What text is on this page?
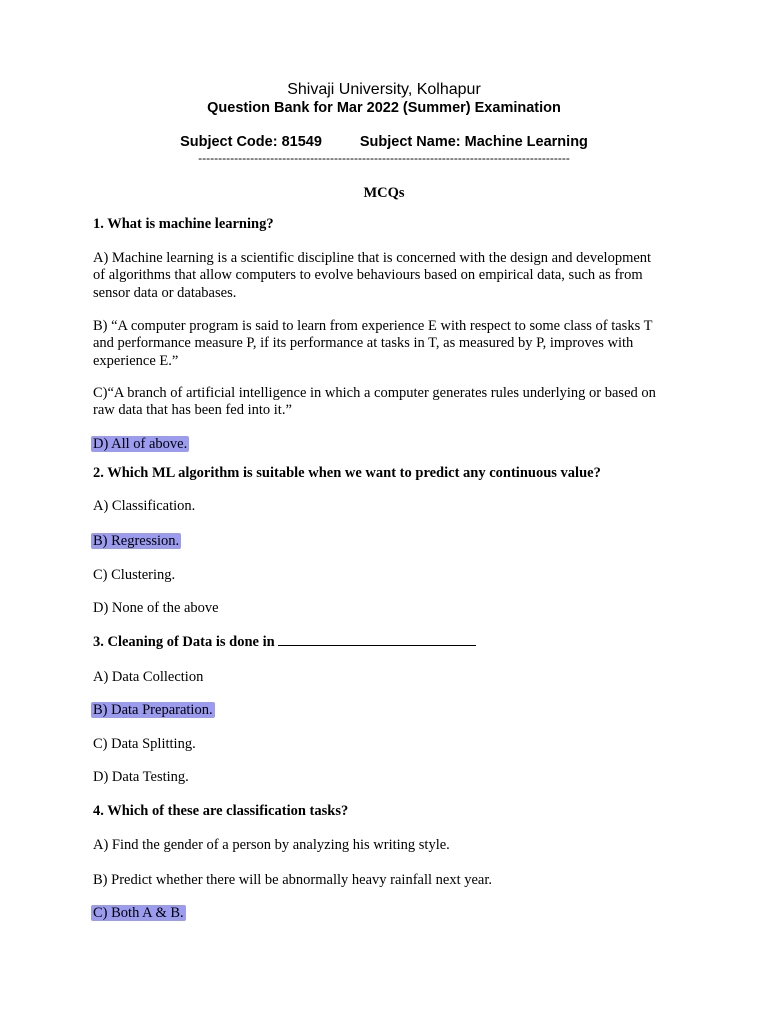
Shivaji University, Kolhapur
Question Bank for Mar 2022 (Summer) Examination
Subject Code: 81549	Subject Name: Machine Learning
---------------------------------------------------------------------------------------------
MCQs
1. What is machine learning?
A) Machine learning is a scientific discipline that is concerned with the design and development of algorithms that allow computers to evolve behaviours based on empirical data, such as from sensor data or databases.
B) “A computer program is said to learn from experience E with respect to some class of tasks T and performance measure P, if its performance at tasks in T, as measured by P, improves with experience E.”
C)“A branch of artificial intelligence in which a computer generates rules underlying or based on raw data that has been fed into it.”
D) All of above.
2. Which ML algorithm is suitable when we want to predict any continuous value?
A) Classification.
B) Regression.
C) Clustering.
D) None of the above
3. Cleaning of Data is done in
A) Data Collection
B) Data Preparation.
C) Data Splitting.
D) Data Testing.
4. Which of these are classification tasks?
A) Find the gender of a person by analyzing his writing style.
B) Predict whether there will be abnormally heavy rainfall next year.
C) Both A & B.
